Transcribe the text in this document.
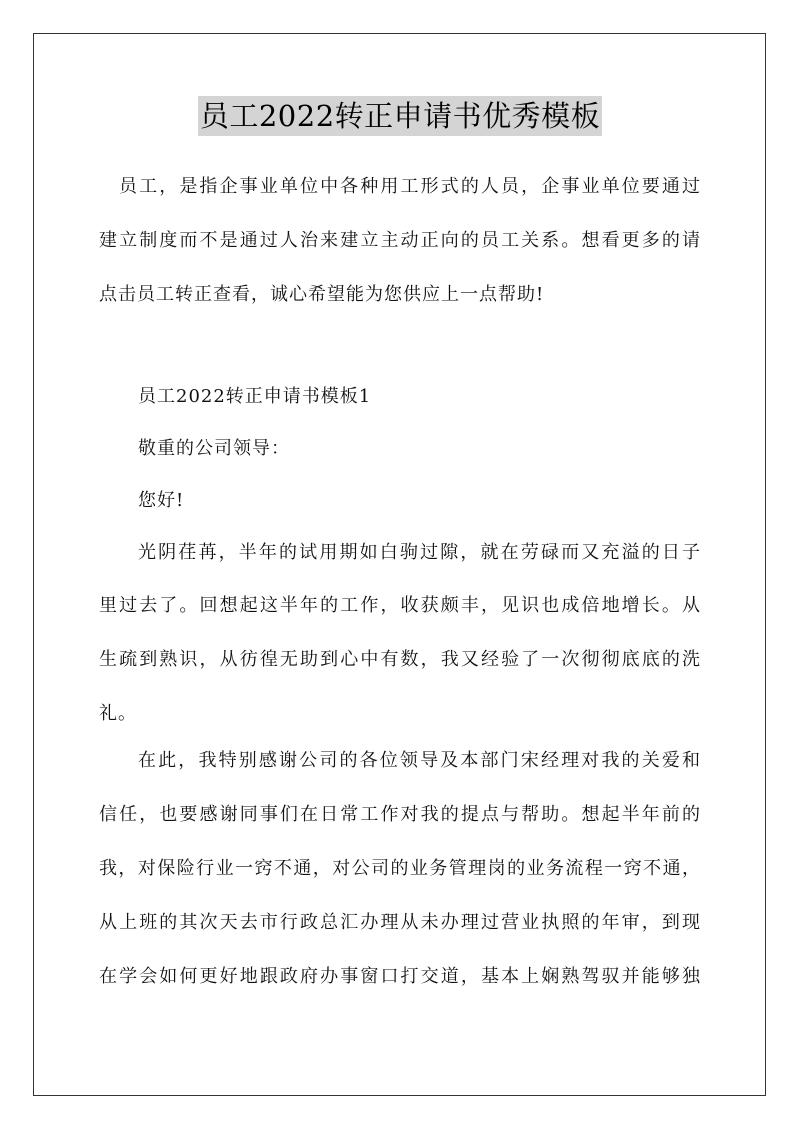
员工2022转正申请书优秀模板
员工，是指企事业单位中各种用工形式的人员，企事业单位要通过
建立制度而不是通过人治来建立主动正向的员工关系。想看更多的请
点击员工转正查看，诚心希望能为您供应上一点帮助!
员工2022转正申请书模板1
敬重的公司领导：
您好!
光阴荏苒，半年的试用期如白驹过隙，就在劳碌而又充溢的日子
里过去了。回想起这半年的工作，收获颇丰，见识也成倍地增长。从
生疏到熟识，从彷徨无助到心中有数，我又经验了一次彻彻底底的洗
礼。
在此，我特别感谢公司的各位领导及本部门宋经理对我的关爱和
信任，也要感谢同事们在日常工作对我的提点与帮助。想起半年前的
我，对保险行业一窍不通，对公司的业务管理岗的业务流程一窍不通，
从上班的其次天去市行政总汇办理从未办理过营业执照的年审，到现
在学会如何更好地跟政府办事窗口打交道，基本上娴熟驾驭并能够独
